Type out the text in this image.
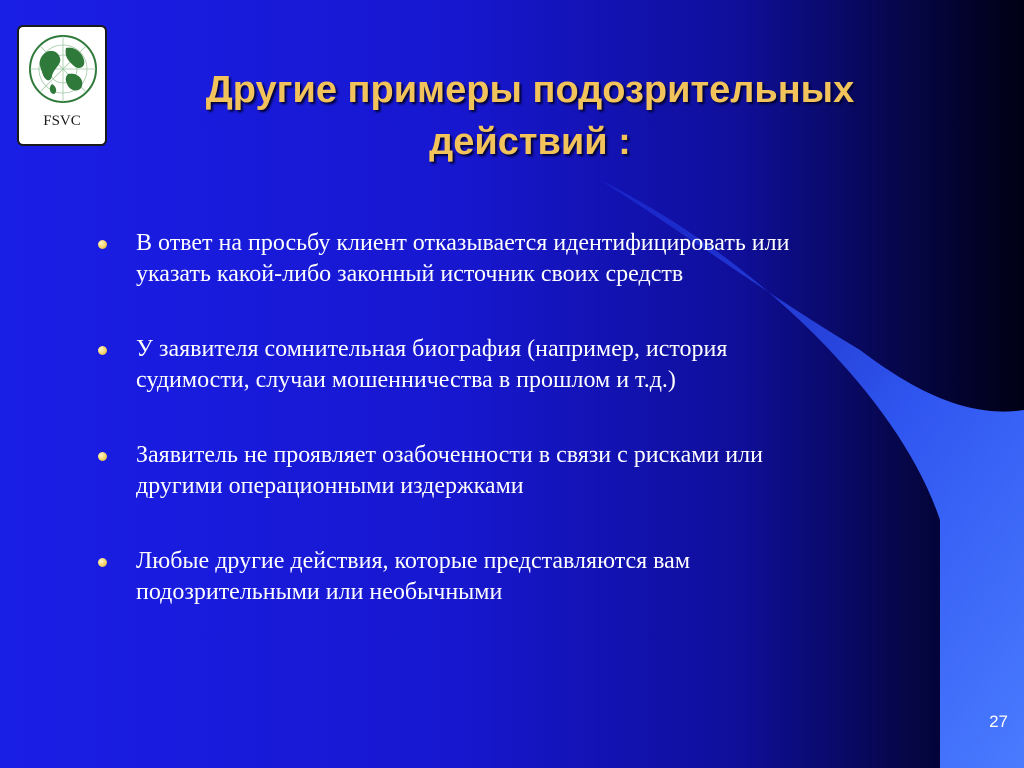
FSVC
Другие примеры подозрительных
действий :
В ответ на просьбу клиент отказывается идентифицировать или
указать какой-либо законный источник своих средств
У заявителя сомнительная биография (например, история
судимости, случаи мошенничества в прошлом и т.д.)
Заявитель не проявляет озабоченности в связи с рисками или
другими операционными издержками
Любые другие действия, которые представляются вам
подозрительными или необычными
27
